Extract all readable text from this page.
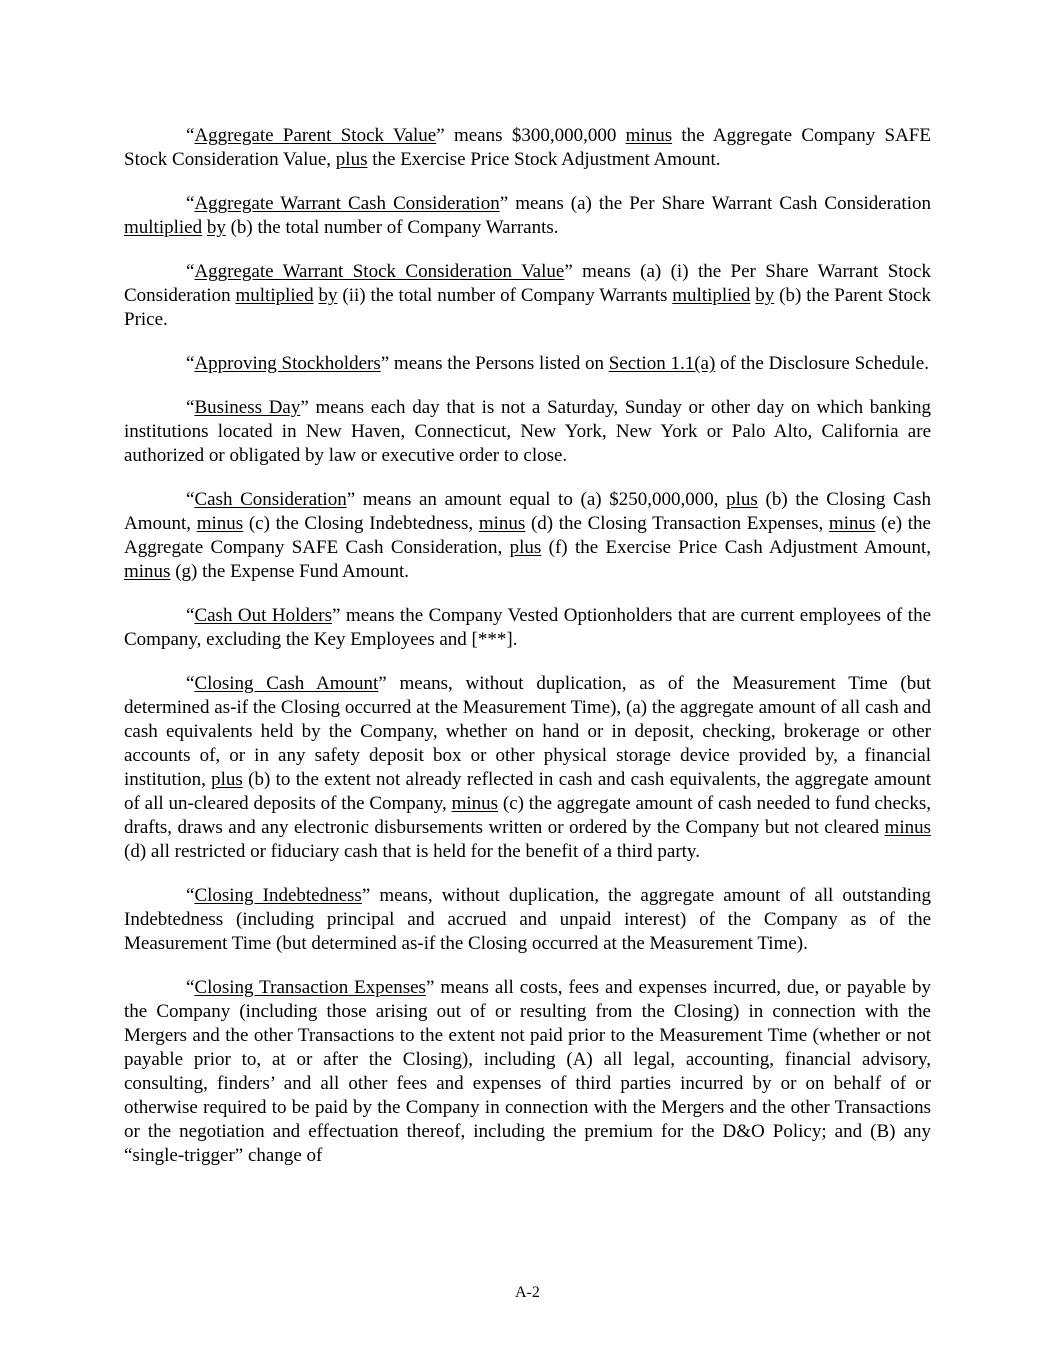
“Aggregate Parent Stock Value” means $300,000,000 minus the Aggregate Company SAFE Stock Consideration Value, plus the Exercise Price Stock Adjustment Amount.

“Aggregate Warrant Cash Consideration” means (a) the Per Share Warrant Cash Consideration multiplied by (b) the total number of Company Warrants.

“Aggregate Warrant Stock Consideration Value” means (a) (i) the Per Share Warrant Stock Consideration multiplied by (ii) the total number of Company Warrants multiplied by (b) the Parent Stock Price.

“Approving Stockholders” means the Persons listed on Section 1.1(a) of the Disclosure Schedule.

“Business Day” means each day that is not a Saturday, Sunday or other day on which banking institutions located in New Haven, Connecticut, New York, New York or Palo Alto, California are authorized or obligated by law or executive order to close.

“Cash Consideration” means an amount equal to (a) $250,000,000, plus (b) the Closing Cash Amount, minus (c) the Closing Indebtedness, minus (d) the Closing Transaction Expenses, minus (e) the Aggregate Company SAFE Cash Consideration, plus (f) the Exercise Price Cash Adjustment Amount, minus (g) the Expense Fund Amount.

“Cash Out Holders” means the Company Vested Optionholders that are current employees of the Company, excluding the Key Employees and [***].

“Closing Cash Amount” means, without duplication, as of the Measurement Time (but determined as-if the Closing occurred at the Measurement Time), (a) the aggregate amount of all cash and cash equivalents held by the Company, whether on hand or in deposit, checking, brokerage or other accounts of, or in any safety deposit box or other physical storage device provided by, a financial institution, plus (b) to the extent not already reflected in cash and cash equivalents, the aggregate amount of all un-cleared deposits of the Company, minus (c) the aggregate amount of cash needed to fund checks, drafts, draws and any electronic disbursements written or ordered by the Company but not cleared minus (d) all restricted or fiduciary cash that is held for the benefit of a third party.

“Closing Indebtedness” means, without duplication, the aggregate amount of all outstanding Indebtedness (including principal and accrued and unpaid interest) of the Company as of the Measurement Time (but determined as-if the Closing occurred at the Measurement Time).

“Closing Transaction Expenses” means all costs, fees and expenses incurred, due, or payable by the Company (including those arising out of or resulting from the Closing) in connection with the Mergers and the other Transactions to the extent not paid prior to the Measurement Time (whether or not payable prior to, at or after the Closing), including (A) all legal, accounting, financial advisory, consulting, finders’ and all other fees and expenses of third parties incurred by or on behalf of or otherwise required to be paid by the Company in connection with the Mergers and the other Transactions or the negotiation and effectuation thereof, including the premium for the D&O Policy; and (B) any “single-trigger” change of

A-2
